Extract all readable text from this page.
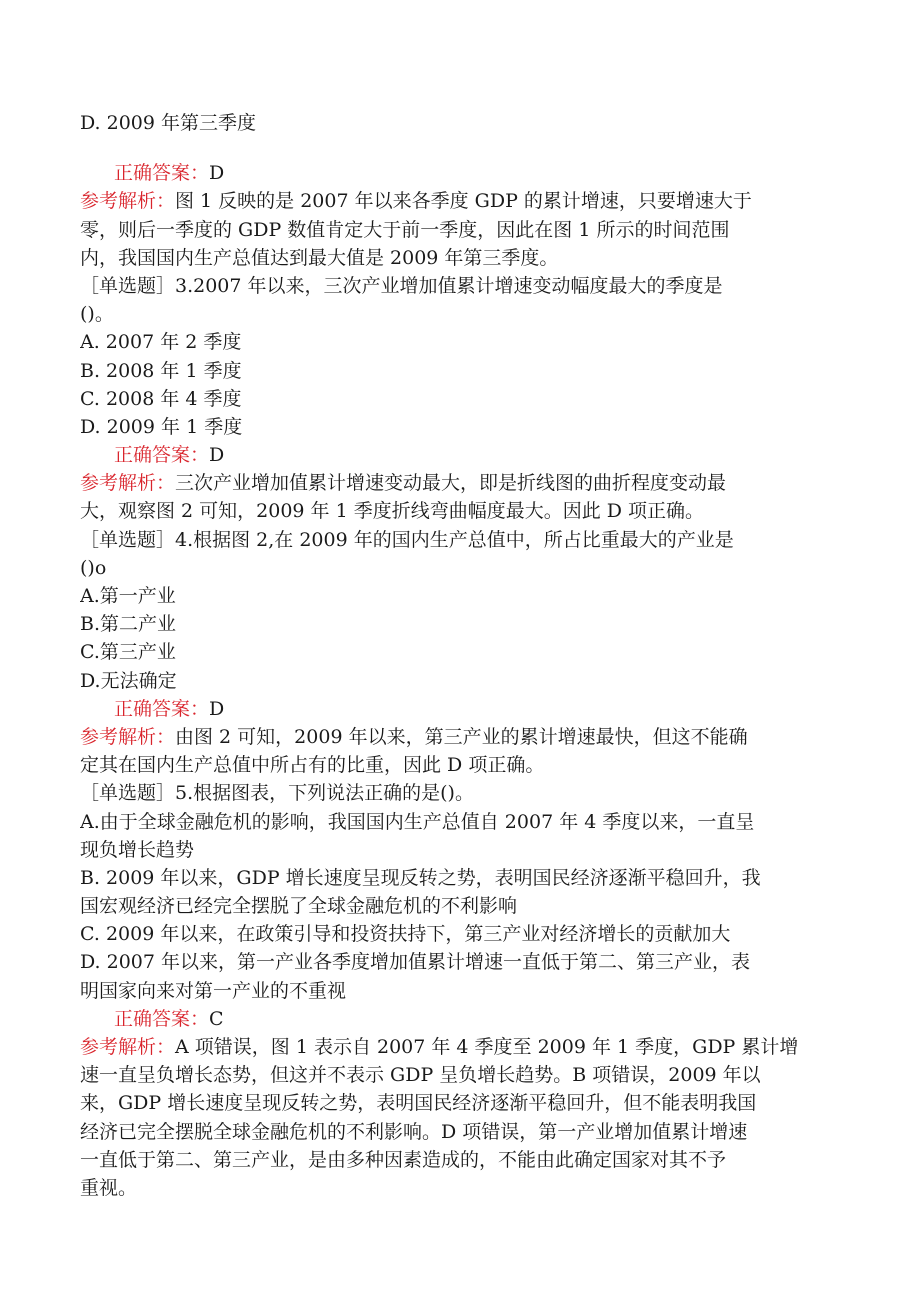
D. 2009 年第三季度
正确答案：D
参考解析：图 1 反映的是 2007 年以来各季度 GDP 的累计增速，只要增速大于
零，则后一季度的 GDP 数值肯定大于前一季度，因此在图 1 所示的时间范围
内，我国国内生产总值达到最大值是 2009 年第三季度。
［单选题］3.2007 年以来，三次产业增加值累计增速变动幅度最大的季度是
()。
A. 2007 年 2 季度
B. 2008 年 1 季度
C. 2008 年 4 季度
D. 2009 年 1 季度
正确答案：D
参考解析：三次产业增加值累计增速变动最大，即是折线图的曲折程度变动最
大，观察图 2 可知，2009 年 1 季度折线弯曲幅度最大。因此 D 项正确。
［单选题］4.根据图 2,在 2009 年的国内生产总值中，所占比重最大的产业是
()o
A.第一产业
B.第二产业
C.第三产业
D.无法确定
正确答案：D
参考解析：由图 2 可知，2009 年以来，第三产业的累计增速最快，但这不能确
定其在国内生产总值中所占有的比重，因此 D 项正确。
［单选题］5.根据图表，下列说法正确的是()。
A.由于全球金融危机的影响，我国国内生产总值自 2007 年 4 季度以来，一直呈
现负增长趋势
B. 2009 年以来，GDP 增长速度呈现反转之势，表明国民经济逐渐平稳回升，我
国宏观经济已经完全摆脱了全球金融危机的不利影响
C. 2009 年以来，在政策引导和投资扶持下，第三产业对经济增长的贡献加大
D. 2007 年以来，第一产业各季度增加值累计增速一直低于第二、第三产业，表
明国家向来对第一产业的不重视
正确答案：C
参考解析：A 项错误，图 1 表示自 2007 年 4 季度至 2009 年 1 季度，GDP 累计增
速一直呈负增长态势，但这并不表示 GDP 呈负增长趋势。B 项错误，2009 年以
来，GDP 增长速度呈现反转之势，表明国民经济逐渐平稳回升，但不能表明我国
经济已完全摆脱全球金融危机的不利影响。D 项错误，第一产业增加值累计增速
一直低于第二、第三产业，是由多种因素造成的，不能由此确定国家对其不予
重视。
